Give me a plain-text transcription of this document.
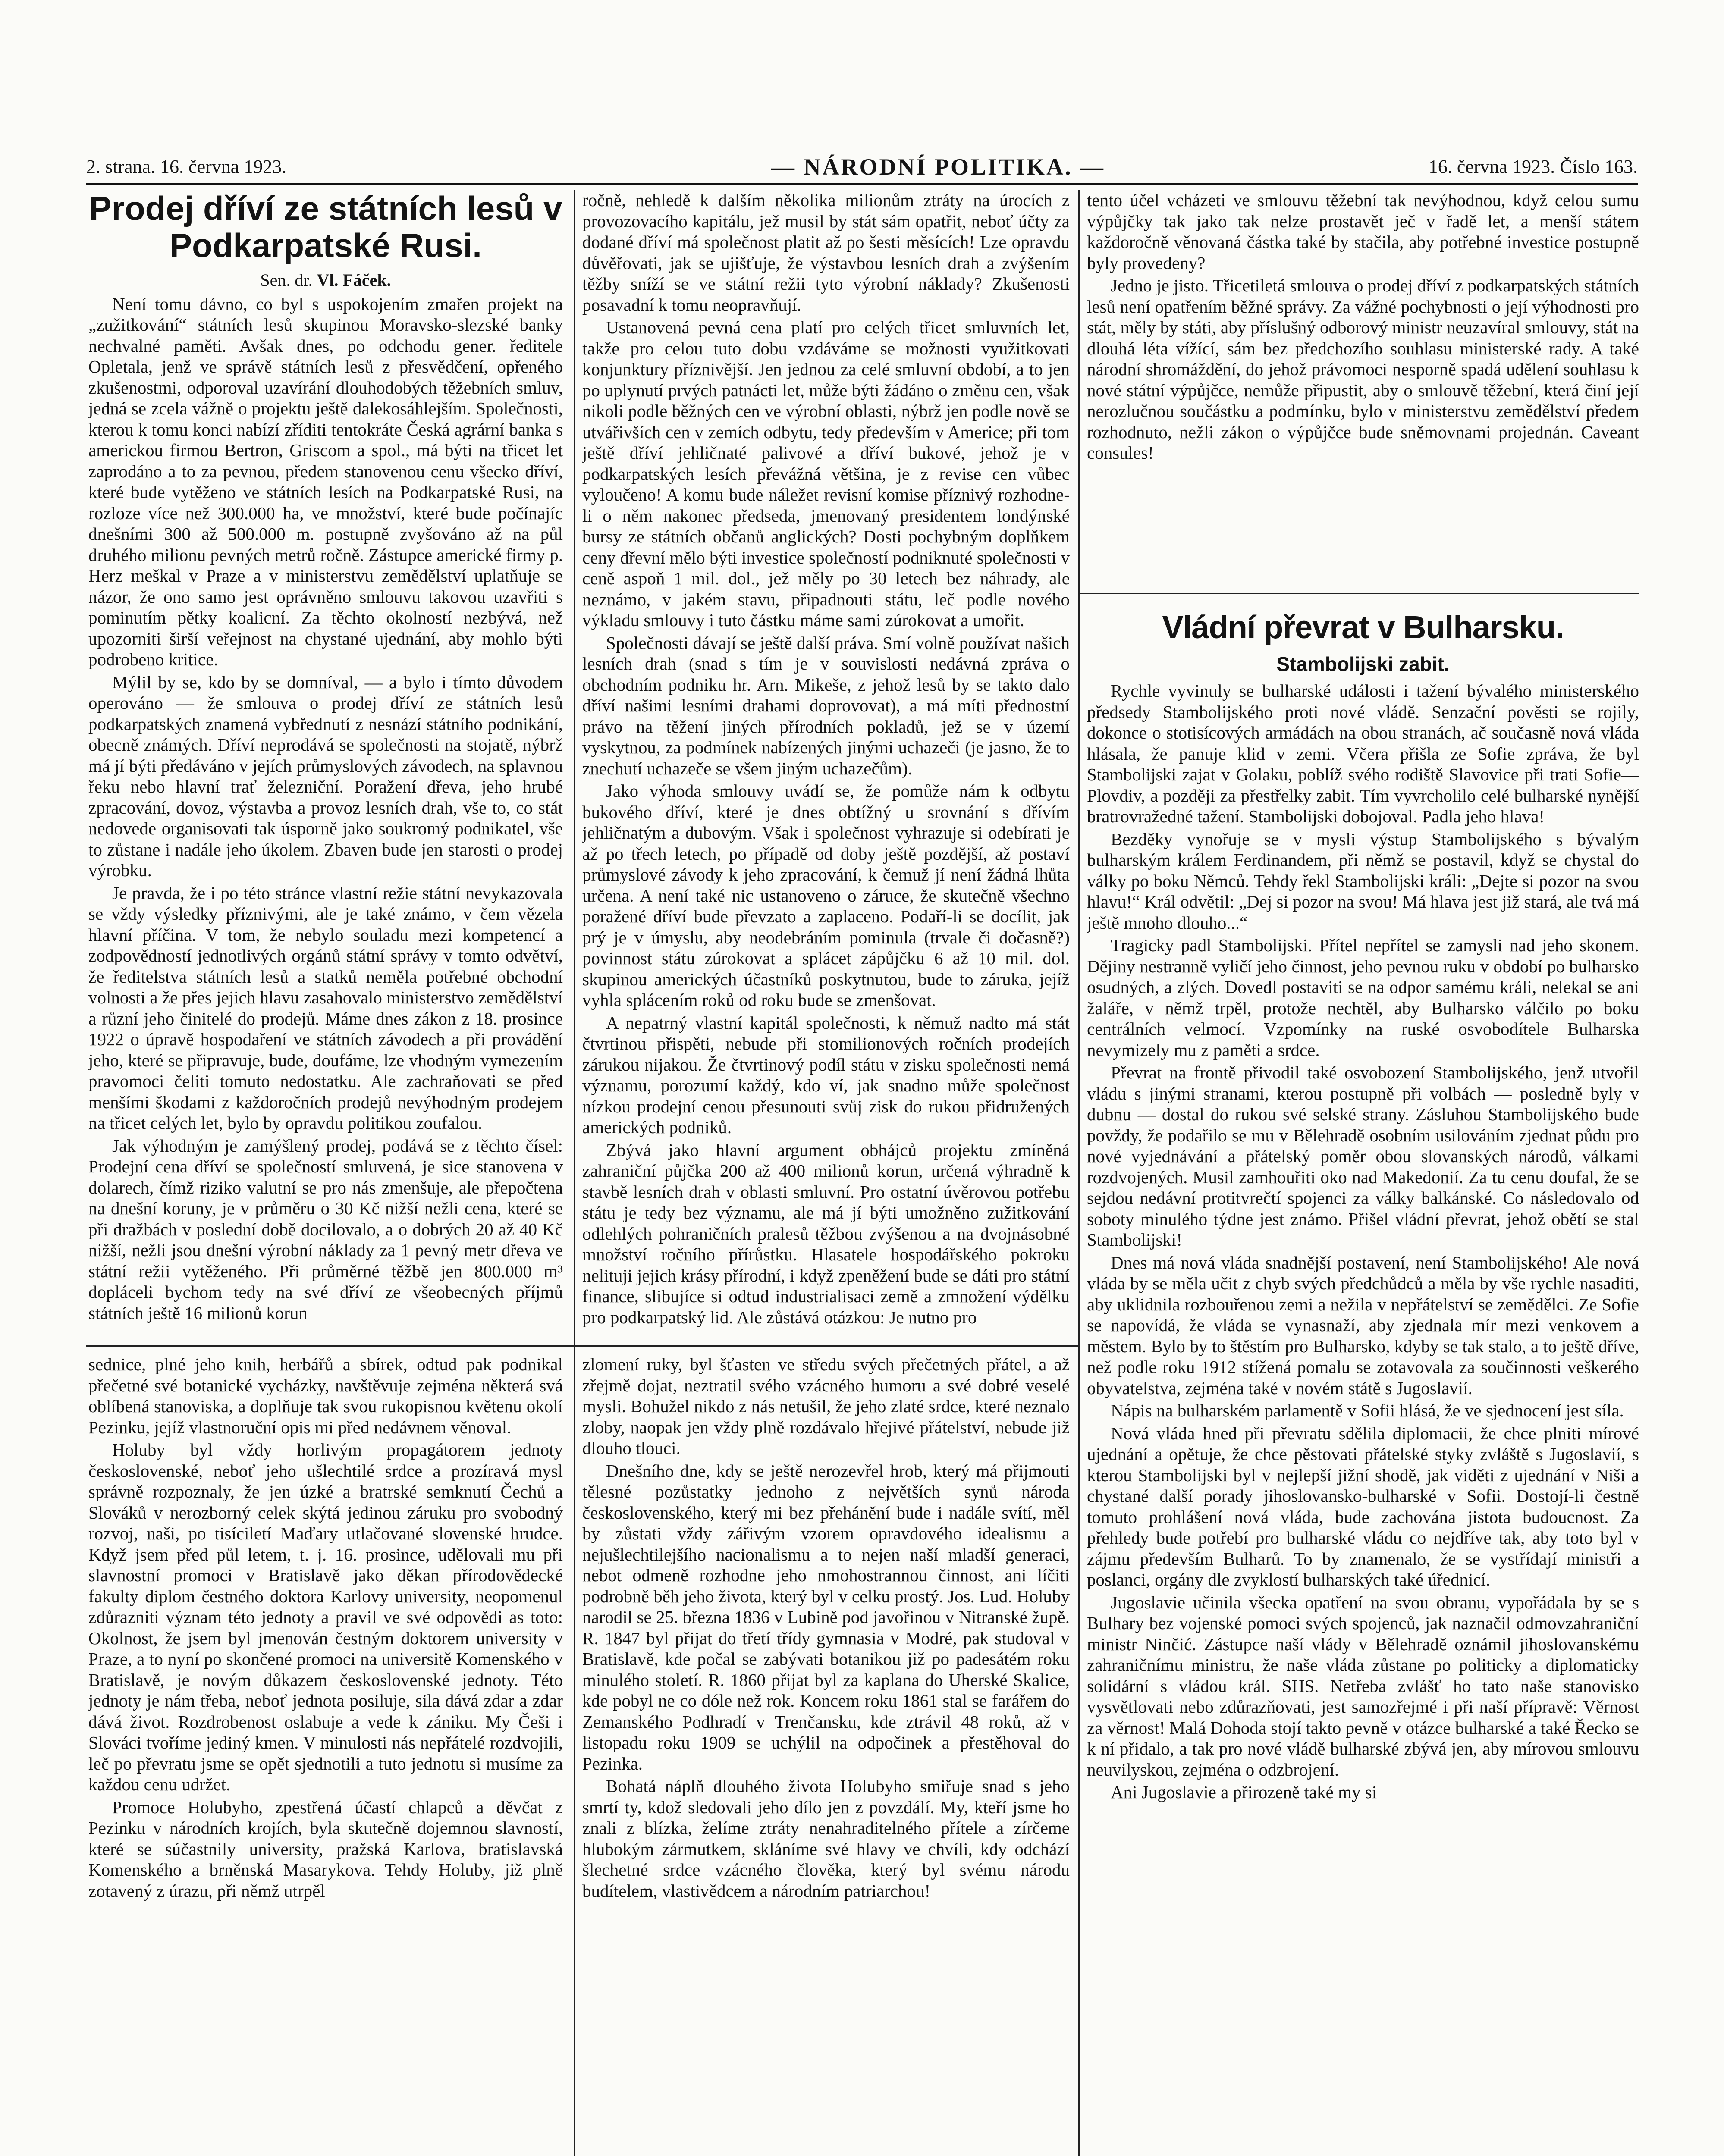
2. strana. 16. června 1923.	— NÁRODNÍ POLITIKA. —	16. června 1923. Číslo 163.
Prodej dříví ze státních lesů v Podkarpatské Rusi.
Sen. dr. Vl. Fáček.

Není tomu dávno, co byl s uspokojením zmařen projekt na „zužitkování“ státních lesů skupinou Moravsko-slezské banky nechvalné paměti. Avšak dnes, po odchodu gener. ředitele Opletala, jenž ve správě státních lesů z přesvědčení, opřeného zkušenostmi, odporoval uzavírání dlouhodobých těžebních smluv, jedná se zcela vážně o projektu ještě dalekosáhlejším. Společnosti, kterou k tomu konci nabízí zříditi tentokráte Česká agrární banka s americkou firmou Bertron, Griscom a spol., má býti na třicet let zaprodáno a to za pevnou, předem stanovenou cenu všecko dříví, které bude vytěženo ve státních lesích na Podkarpatské Rusi, na rozloze více než 300.000 ha, ve množství, které bude počínajíc dnešními 300 až 500.000 m. postupně zvyšováno až na půl druhého milionu pevných metrů ročně. Zástupce americké firmy p. Herz meškal v Praze a v ministerstvu zemědělství uplatňuje se názor, že ono samo jest oprávněno smlouvu takovou uzavřiti s pominutím pětky koalicní. Za těchto okolností nezbývá, než upozorniti širší veřejnost na chystané ujednání, aby mohlo býti podrobeno kritice.

Mýlil by se, kdo by se domníval, — a bylo i tímto důvodem operováno — že smlouva o prodej dříví ze státních lesů podkarpatských znamená vybřednutí z nesnází státního podnikání, obecně známých. Dříví neprodává se společnosti na stojatě, nýbrž má jí býti předáváno v jejích průmyslových závodech, na splavnou řeku nebo hlavní trať železniční. Poražení dřeva, jeho hrubé zpracování, dovoz, výstavba a provoz lesních drah, vše to, co stát nedovede organisovati tak úsporně jako soukromý podnikatel, vše to zůstane i nadále jeho úkolem. Zbaven bude jen starosti o prodej výrobku.

Je pravda, že i po této stránce vlastní režie státní nevykazovala se vždy výsledky příznivými, ale je také známo, v čem vězela hlavní příčina. V tom, že nebylo souladu mezi kompetencí a zodpovědností jednotlivých orgánů státní správy v tomto odvětví, že ředitelstva státních lesů a statků neměla potřebné obchodní volnosti a že přes jejich hlavu zasahovalo ministerstvo zemědělství a různí jeho činitelé do prodejů. Máme dnes zákon z 18. prosince 1922 o úpravě hospodaření ve státních závodech a při provádění jeho, které se připravuje, bude, doufáme, lze vhodným vymezením pravomoci čeliti tomuto nedostatku. Ale zachraňovati se před menšími škodami z každoročních prodejů nevýhodným prodejem na třicet celých let, bylo by opravdu politikou zoufalou.

Jak výhodným je zamýšlený prodej, podává se z těchto čísel: Prodejní cena dříví se společností smluvená, je sice stanovena v dolarech, čímž riziko valutní se pro nás zmenšuje, ale přepočtena na dnešní koruny, je v průměru o 30 Kč nižší nežli cena, které se při dražbách v poslední době docilovalo, a o dobrých 20 až 40 Kč nižší, nežli jsou dnešní výrobní náklady za 1 pevný metr dřeva ve státní režii vytěženého. Při průměrné těžbě jen 800.000 m³ dopláceli bychom tedy na své dříví ze všeobecných příjmů státních ještě 16 milionů korun

ročně, nehledě k dalším několika milionům ztráty na úrocích z provozovacího kapitálu, jež musil by stát sám opatřit, neboť účty za dodané dříví má společnost platit až po šesti měsících! Lze opravdu důvěřovati, jak se ujišťuje, že výstavbou lesních drah a zvýšením těžby sníží se ve státní režii tyto výrobní náklady? Zkušenosti posavadní k tomu neopravňují.

Ustanovená pevná cena platí pro celých třicet smluvních let, takže pro celou tuto dobu vzdáváme se možnosti využitkovati konjunktury příznivější. Jen jednou za celé smluvní období, a to jen po uplynutí prvých patnácti let, může býti žádáno o změnu cen, však nikoli podle běžných cen ve výrobní oblasti, nýbrž jen podle nově se utvářivších cen v zemích odbytu, tedy především v Americe; při tom ještě dříví jehličnaté palivové a dříví bukové, jehož je v podkarpatských lesích převážná většina, je z revise cen vůbec vyloučeno! A komu bude náležet revisní komise příznivý rozhodne-li o něm nakonec předseda, jmenovaný presidentem londýnské bursy ze státních občanů anglických? Dosti pochybným doplňkem ceny dřevní mělo býti investice společností podniknuté společnosti v ceně aspoň 1 mil. dol., jež měly po 30 letech bez náhrady, ale neznámo, v jakém stavu, připadnouti státu, leč podle nového výkladu smlouvy i tuto částku máme sami zúrokovat a umořit.

Společnosti dávají se ještě další práva. Smí volně používat našich lesních drah (snad s tím je v souvislosti nedávná zpráva o obchodním podniku hr. Arn. Mikeše, z jehož lesů by se takto dalo dříví našimi lesními drahami doprovovat), a má míti přednostní právo na těžení jiných přírodních pokladů, jež se v území vyskytnou, za podmínek nabízených jinými uchazeči (je jasno, že to znechutí uchazeče se všem jiným uchazečům).

Jako výhoda smlouvy uvádí se, že pomůže nám k odbytu bukového dříví, které je dnes obtížný u srovnání s dřívím jehličnatým a dubovým. Však i společnost vyhrazuje si odebírati je až po třech letech, po případě od doby ještě pozdější, až postaví průmyslové závody k jeho zpracování, k čemuž jí není žádná lhůta určena. A není také nic ustanoveno o záruce, že skutečně všechno poražené dříví bude převzato a zaplaceno. Podaří-li se docílit, jak prý je v úmyslu, aby neodebráním pominula (trvale či dočasně?) povinnost státu zúrokovat a splácet zápůjčku 6 až 10 mil. dol. skupinou amerických účastníků poskytnutou, bude to záruka, jejíž vyhla splácením roků od roku bude se zmenšovat.

A nepatrný vlastní kapitál společnosti, k němuž nadto má stát čtvrtinou přispěti, nebude při stomilionových ročních prodejích zárukou nijakou. Že čtvrtinový podíl státu v zisku společnosti nemá významu, porozumí každý, kdo ví, jak snadno může společnost nízkou prodejní cenou přesunouti svůj zisk do rukou přidružených amerických podniků.

Zbývá jako hlavní argument obhájců projektu zmíněná zahraniční půjčka 200 až 400 milionů korun, určená výhradně k stavbě lesních drah v oblasti smluvní. Pro ostatní úvěrovou potřebu státu je tedy bez významu, ale má jí býti umožněno zužitkování odlehlých pohraničních pralesů těžbou zvýšenou a na dvojnásobné množství ročního přírůstku. Hlasatele hospodářského pokroku nelituji jejich krásy přírodní, i když zpeněžení bude se dáti pro státní finance, slibujíce si odtud industrialisaci země a zmnožení výdělku pro podkarpatský lid. Ale zůstává otázkou: Je nutno pro

tento účel vcházeti ve smlouvu těžební tak nevýhodnou, když celou sumu výpůjčky tak jako tak nelze prostavět ječ v řadě let, a menší státem každoročně věnovaná částka také by stačila, aby potřebné investice postupně byly provedeny?

Jedno je jisto. Třicetiletá smlouva o prodej dříví z podkarpatských státních lesů není opatřením běžné správy. Za vážné pochybnosti o její výhodnosti pro stát, měly by státi, aby příslušný odborový ministr neuzavíral smlouvy, stát na dlouhá léta vížící, sám bez předchozího souhlasu ministerské rady. A také národní shromáždění, do jehož právomoci nesporně spadá udělení souhlasu k nové státní výpůjčce, nemůže připustit, aby o smlouvě těžební, která činí její nerozlučnou součástku a podmínku, bylo v ministerstvu zemědělství předem rozhodnuto, nežli zákon o výpůjčce bude sněmovnami projednán. Caveant consules!

Vládní převrat v Bulharsku.
Stambolijski zabit.

Rychle vyvinuly se bulharské události i tažení bývalého ministerského předsedy Stambolijského proti nové vládě. Senzační pověsti se rojily, dokonce o stotisícových armádách na obou stranách, ač současně nová vláda hlásala, že panuje klid v zemi. Včera přišla ze Sofie zpráva, že byl Stambolijski zajat v Golaku, poblíž svého rodiště Slavovice při trati Sofie—Plovdiv, a později za přestřelky zabit. Tím vyvrcholilo celé bulharské nynější bratrovražedné tažení. Stambolijski dobojoval. Padla jeho hlava!

Bezděky vynořuje se v mysli výstup Stambolijského s bývalým bulharským králem Ferdinandem, při němž se postavil, když se chystal do války po boku Němců. Tehdy řekl Stambolijski králi: „Dejte si pozor na svou hlavu!“ Král odvětil: „Dej si pozor na svou! Má hlava jest již stará, ale tvá má ještě mnoho dlouho...“

Tragicky padl Stambolijski. Přítel nepřítel se zamysli nad jeho skonem. Dějiny nestranně vyličí jeho činnost, jeho pevnou ruku v období po bulharsko osudných, a zlých. Dovedl postaviti se na odpor samému králi, nelekal se ani žaláře, v němž trpěl, protože nechtěl, aby Bulharsko válčilo po boku centrálních velmocí. Vzpomínky na ruské osvobodítele Bulharska nevymizely mu z paměti a srdce.

Převrat na frontě přivodil také osvobození Stambolijského, jenž utvořil vládu s jinými stranami, kterou postupně při volbách — posledně byly v dubnu — dostal do rukou své selské strany. Zásluhou Stambolijského bude povždy, že podařilo se mu v Bělehradě osobním usilováním zjednat půdu pro nové vyjednávání a přátelský poměr obou slovanských národů, válkami rozdvojených. Musil zamhouřiti oko nad Makedonií. Za tu cenu doufal, že se sejdou nedávní protitvrečtí spojenci za války balkánské. Co následovalo od soboty minulého týdne jest známo. Přišel vládní převrat, jehož obětí se stal Stambolijski!

Dnes má nová vláda snadnější postavení, není Stambolijského! Ale nová vláda by se měla učit z chyb svých předchůdců a měla by vše rychle nasaditi, aby uklidnila rozbouřenou zemi a nežila v nepřátelství se zemědělci. Ze Sofie se napovídá, že vláda se vynasnaží, aby zjednala mír mezi venkovem a městem. Bylo by to štěstím pro Bulharsko, kdyby se tak stalo, a to ještě dříve, než podle roku 1912 stížená pomalu se zotavovala za součinnosti veškerého obyvatelstva, zejména také v novém státě s Jugoslavií.

Nápis na bulharském parlamentě v Sofii hlásá, že ve sjednocení jest síla.

Nová vláda hned při převratu sdělila diplomacii, že chce plniti mírové ujednání a opětuje, že chce pěstovati přátelské styky zvláště s Jugoslavií, s kterou Stambolijski byl v nejlepší jižní shodě, jak viděti z ujednání v Niši a chystané další porady jihoslovansko-bulharské v Sofii. Dostojí-li čestně tomuto prohlášení nová vláda, bude zachována jistota budoucnost. Za přehledy bude potřebí pro bulharské vládu co nejdříve tak, aby toto byl v zájmu především Bulharů. To by znamenalo, že se vystřídají ministři a poslanci, orgány dle zvyklostí bulharských také úřednicí.

Jugoslavie učinila všecka opatření na svou obranu, vypořádala by se s Bulhary bez vojenské pomoci svých spojenců, jak naznačil odmovzahraniční ministr Ninčić. Zástupce naší vlády v Bělehradě oznámil jihoslovanskému zahraničnímu ministru, že naše vláda zůstane po politicky a diplomaticky solidární s vládou král. SHS. Netřeba zvlášť ho tato naše stanovisko vysvětlovati nebo zdůrazňovati, jest samozřejmé i při naší přípravě: Věrnost za věrnost! Malá Dohoda stojí takto pevně v otázce bulharské a také Řecko se k ní přidalo, a tak pro nové vládě bulharské zbývá jen, aby mírovou smlouvu neuvilyskou, zejména o odzbrojení.

Ani Jugoslavie a přirozeně také my si

sednice, plné jeho knih, herbářů a sbírek, odtud pak podnikal přečetné své botanické vycházky, navštěvuje zejména některá svá oblíbená stanoviska, a doplňuje tak svou rukopisnou květenu okolí Pezinku, jejíž vlastnoruční opis mi před nedávnem věnoval.

Holuby byl vždy horlivým propagátorem jednoty československé, neboť jeho ušlechtilé srdce a prozíravá mysl správně rozpoznaly, že jen úzké a bratrské semknutí Čechů a Slováků v nerozborný celek skýtá jedinou záruku pro svobodný rozvoj, naši, po tisíciletí Maďary utlačované slovenské hrudce. Když jsem před půl letem, t. j. 16. prosince, udělovali mu při slavnostní promoci v Bratislavě jako děkan přírodovědecké fakulty diplom čestného doktora Karlovy university, neopomenul zdůrazniti význam této jednoty a pravil ve své odpovědi as toto: Okolnost, že jsem byl jmenován čestným doktorem university v Praze, a to nyní po skončené promoci na universitě Komenského v Bratislavě, je novým důkazem československé jednoty. Této jednoty je nám třeba, neboť jednota posiluje, sila dává zdar a zdar dává život. Rozdrobenost oslabuje a vede k zániku. My Češi i Slováci tvoříme jediný kmen. V minulosti nás nepřátelé rozdvojili, leč po převratu jsme se opět sjednotili a tuto jednotu si musíme za každou cenu udržet.

Promoce Holubyho, zpestřená účastí chlapců a děvčat z Pezinku v národních krojích, byla skutečně dojemnou slavností, které se súčastnily university, pražská Karlova, bratislavská Komenského a brněnská Masarykova. Tehdy Holuby, již plně zotavený z úrazu, při němž utrpěl

zlomení ruky, byl šťasten ve středu svých přečetných přátel, a až zřejmě dojat, neztratil svého vzácného humoru a své dobré veselé mysli. Bohužel nikdo z nás netušil, že jeho zlaté srdce, které neznalo zloby, naopak jen vždy plně rozdávalo hřejivé přátelství, nebude již dlouho tlouci.

Dnešního dne, kdy se ještě nerozevřel hrob, který má přijmouti tělesné pozůstatky jednoho z největších synů národa československého, který mi bez přehánění bude i nadále svítí, měl by zůstati vždy zářivým vzorem opravdového idealismu a nejušlechtilejšího nacionalismu a to nejen naší mladší generaci, nebot odmeně rozhodne jeho nmohostrannou činnost, ani líčiti podrobně běh jeho života, který byl v celku prostý. Jos. Lud. Holuby narodil se 25. března 1836 v Lubině pod javořinou v Nitranské župě. R. 1847 byl přijat do třetí třídy gymnasia v Modré, pak studoval v Bratislavě, kde počal se zabývati botanikou již po padesátém roku minulého století. R. 1860 přijat byl za kaplana do Uherské Skalice, kde pobyl ne co dóle než rok. Koncem roku 1861 stal se farářem do Zemanského Podhradí v Trenčansku, kde ztrávil 48 roků, až v listopadu roku 1909 se uchýlil na odpočinek a přestěhoval do Pezinka.

Bohatá náplň dlouhého života Holubyho smiřuje snad s jeho smrtí ty, kdož sledovali jeho dílo jen z povzdálí. My, kteří jsme ho znali z blízka, želíme ztráty nenahraditelného přítele a zírčeme hlubokým zármutkem, skláníme své hlavy ve chvíli, kdy odchází šlechetné srdce vzácného člověka, který byl svému národu budítelem, vlastivědcem a národním patriarchou!
